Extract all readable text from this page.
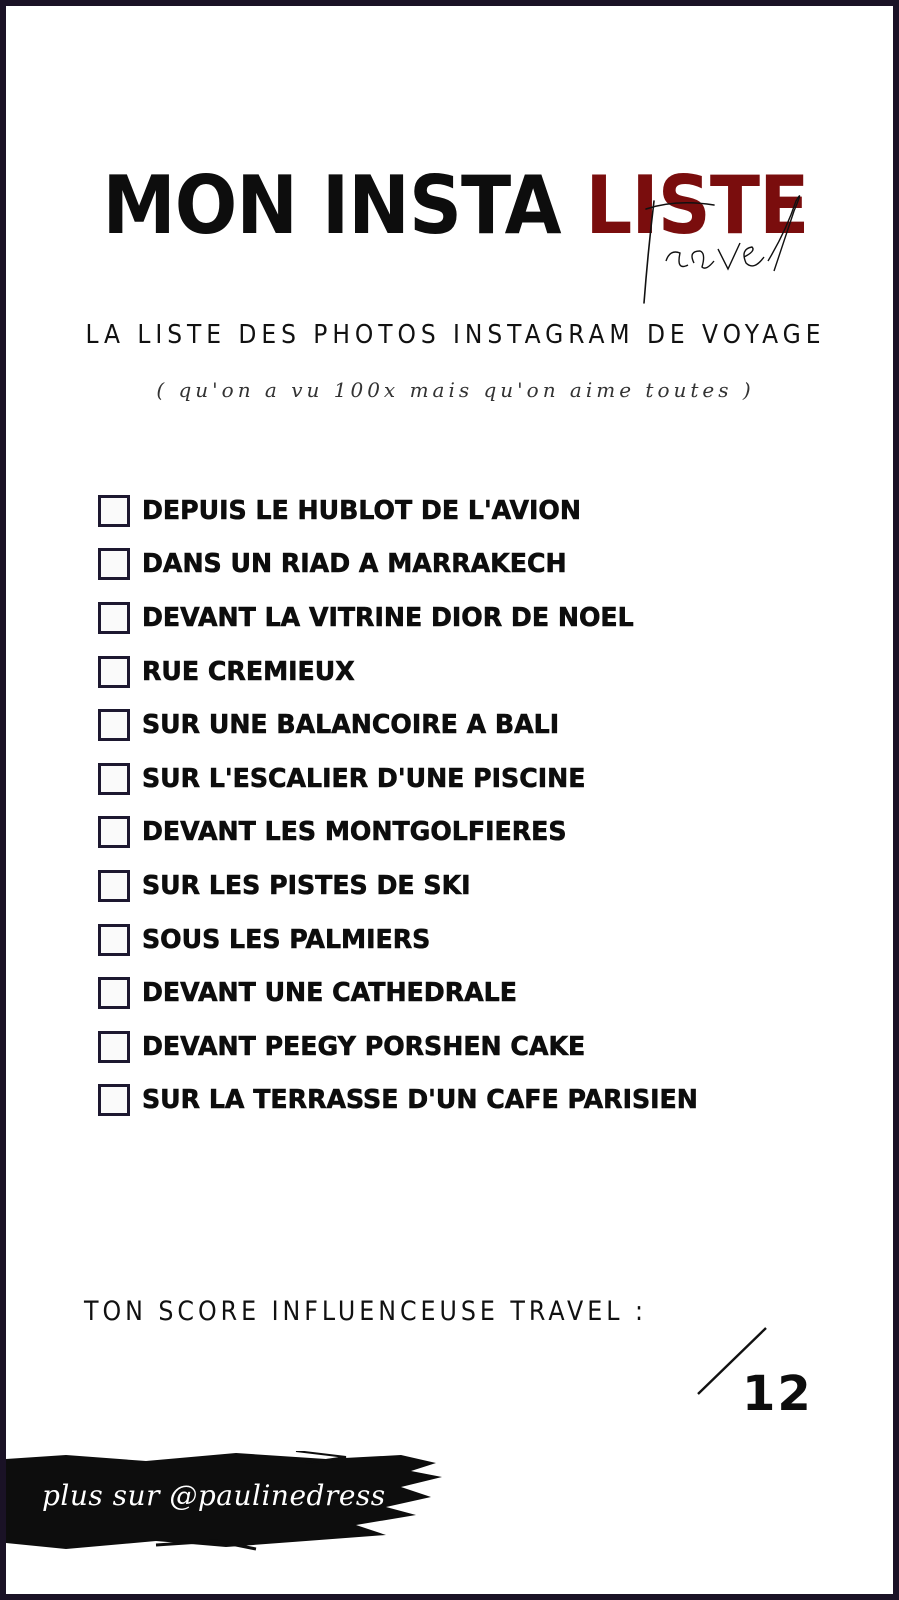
MON INSTA LISTE
LA LISTE DES PHOTOS INSTAGRAM DE VOYAGE
( qu'on a vu 100x mais qu'on aime toutes )
DEPUIS LE HUBLOT DE L'AVION
DANS UN RIAD A MARRAKECH
DEVANT LA VITRINE DIOR DE NOEL
RUE CREMIEUX
SUR UNE BALANCOIRE A BALI
SUR L'ESCALIER D'UNE PISCINE
DEVANT LES MONTGOLFIERES
SUR LES PISTES DE SKI
SOUS LES PALMIERS
DEVANT UNE CATHEDRALE
DEVANT PEEGY PORSHEN CAKE
SUR LA TERRASSE D'UN CAFE PARISIEN
TON SCORE INFLUENCEUSE TRAVEL :
12
plus sur @paulinedress
